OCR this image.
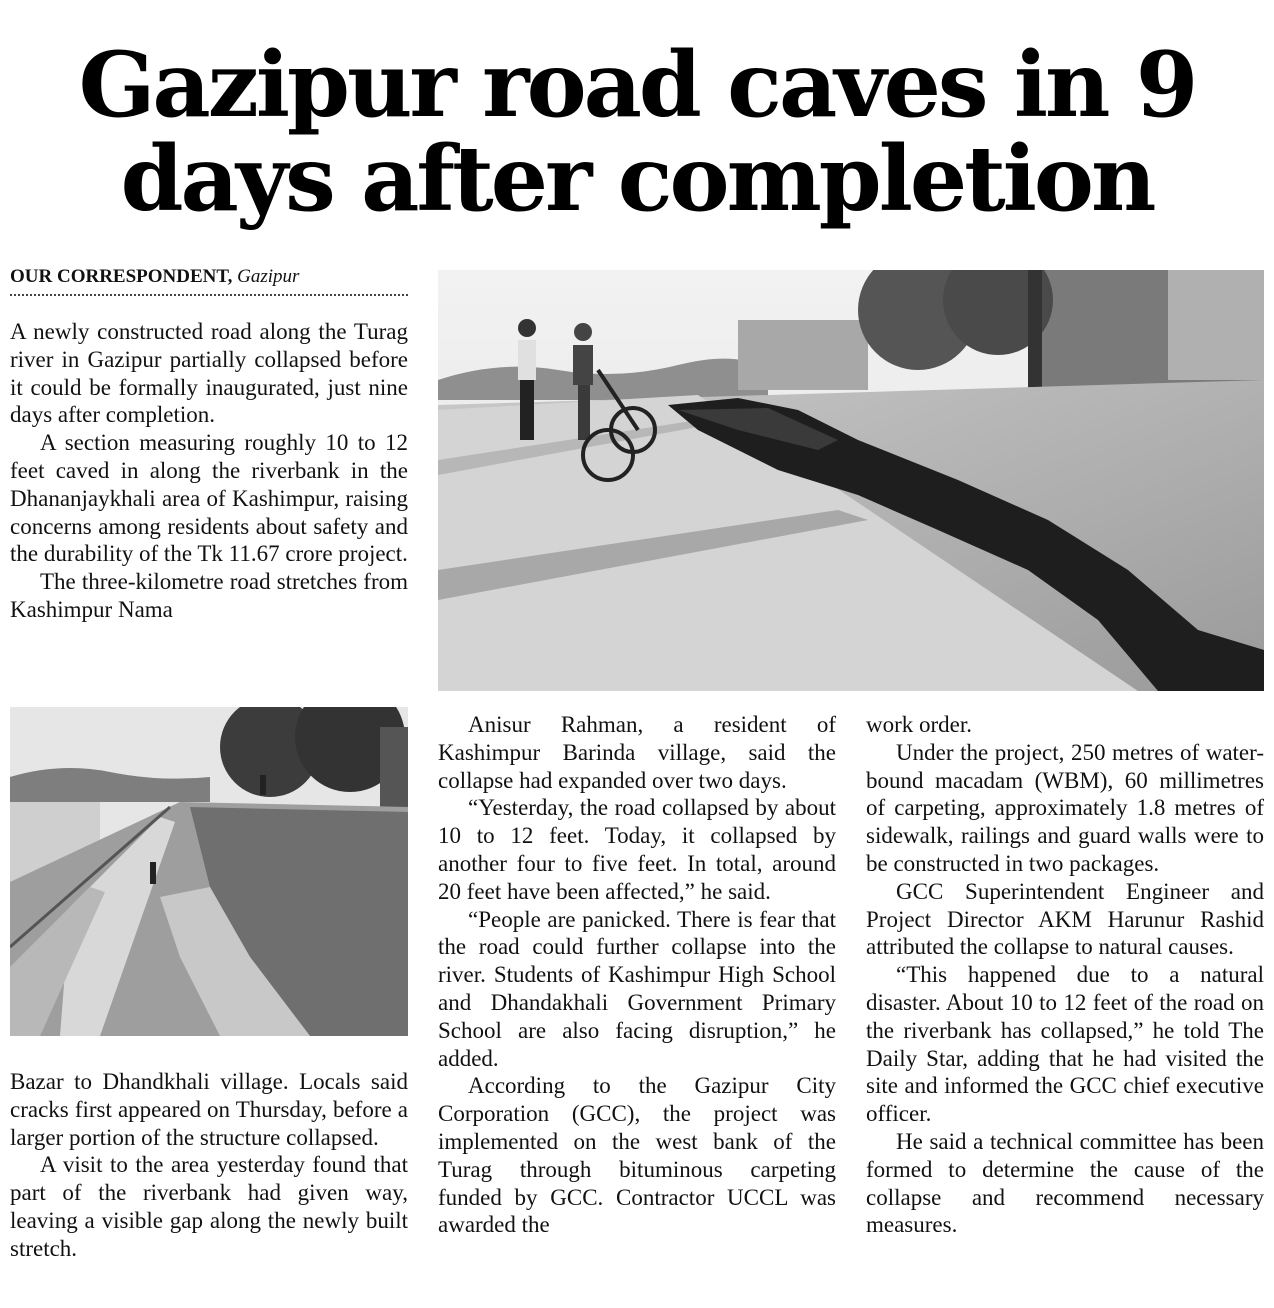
Gazipur road caves in 9
days after completion
OUR CORRESPONDENT, Gazipur

A newly constructed road along the Turag river in Gazipur partially collapsed before it could be formally inaugurated, just nine days after completion.

A section measuring roughly 10 to 12 feet caved in along the riverbank in the Dhananjaykhali area of Kashimpur, raising concerns among residents about safety and the durability of the Tk 11.67 crore project.

The three-kilometre road stretches from Kashimpur Nama

Bazar to Dhandkhali village. Locals said cracks first appeared on Thursday, before a larger portion of the structure collapsed.

A visit to the area yesterday found that part of the riverbank had given way, leaving a visible gap along the newly built stretch.

Anisur Rahman, a resident of Kashimpur Barinda village, said the collapse had expanded over two days.

“Yesterday, the road collapsed by about 10 to 12 feet. Today, it collapsed by another four to five feet. In total, around 20 feet have been affected,” he said.

“People are panicked. There is fear that the road could further collapse into the river. Students of Kashimpur High School and Dhandakhali Government Primary School are also facing disruption,” he added.

According to the Gazipur City Corporation (GCC), the project was implemented on the west bank of the Turag through bituminous carpeting funded by GCC. Contractor UCCL was awarded the

work order.

Under the project, 250 metres of water-bound macadam (WBM), 60 millimetres of carpeting, approximately 1.8 metres of sidewalk, railings and guard walls were to be constructed in two packages.

GCC Superintendent Engineer and Project Director AKM Harunur Rashid attributed the collapse to natural causes.

“This happened due to a natural disaster. About 10 to 12 feet of the road on the riverbank has collapsed,” he told The Daily Star, adding that he had visited the site and informed the GCC chief executive officer.

He said a technical committee has been formed to determine the cause of the collapse and recommend necessary measures.
